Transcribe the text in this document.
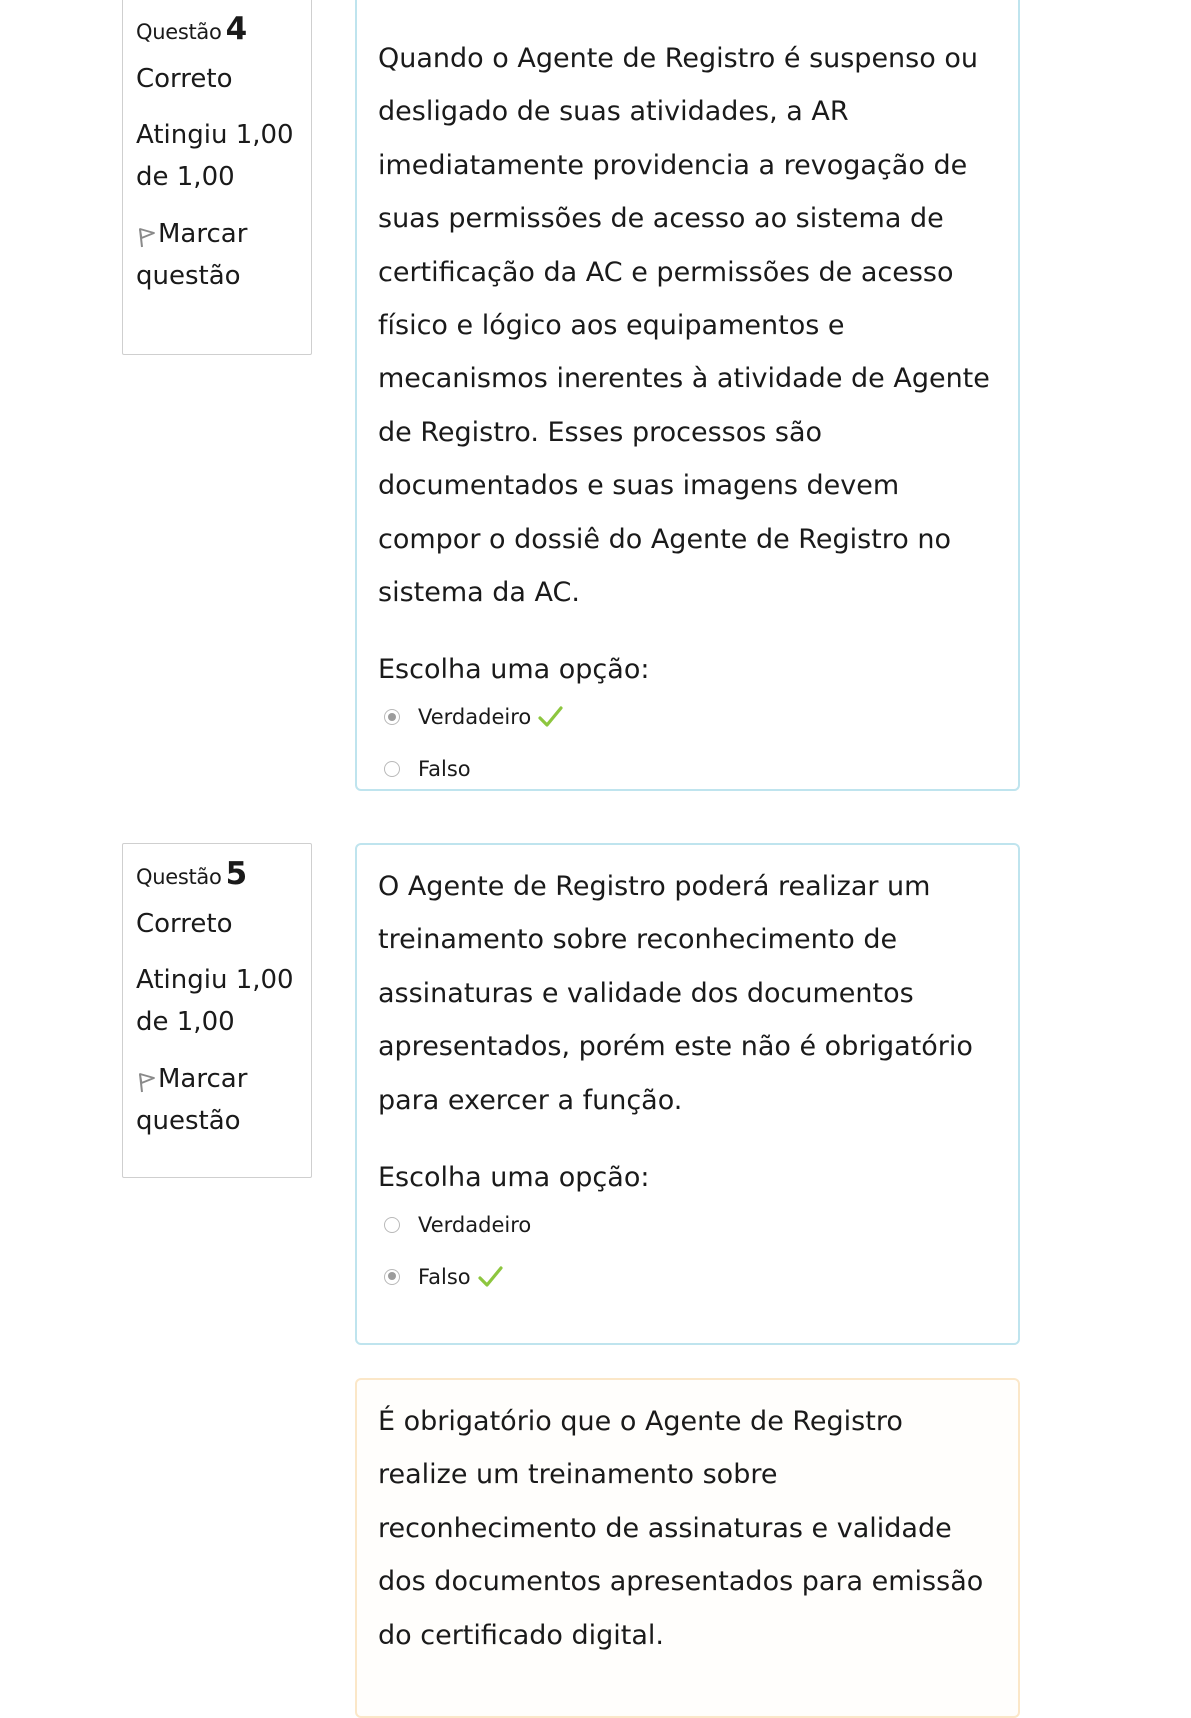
Questão 4
Correto
Atingiu 1,00 de 1,00
Marcar questão

Quando o Agente de Registro é suspenso ou desligado de suas atividades, a AR imediatamente providencia a revogação de suas permissões de acesso ao sistema de certificação da AC e permissões de acesso físico e lógico aos equipamentos e mecanismos inerentes à atividade de Agente de Registro. Esses processos são documentados e suas imagens devem compor o dossiê do Agente de Registro no sistema da AC.

Escolha uma opção:
Verdadeiro
Falso
Questão 5
Correto
Atingiu 1,00 de 1,00
Marcar questão

O Agente de Registro poderá realizar um treinamento sobre reconhecimento de assinaturas e validade dos documentos apresentados, porém este não é obrigatório para exercer a função.

Escolha uma opção:
Verdadeiro
Falso

É obrigatório que o Agente de Registro realize um treinamento sobre reconhecimento de assinaturas e validade dos documentos apresentados para emissão do certificado digital.
